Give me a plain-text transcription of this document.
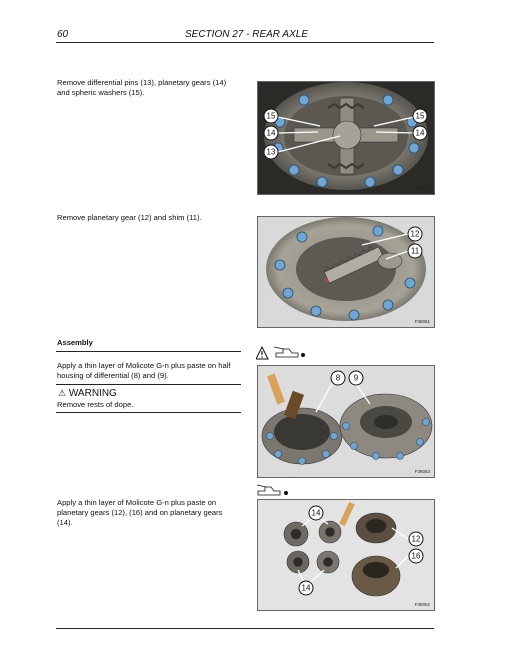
60	SECTION 27 - REAR AXLE
Remove differential pins (13), planetary gears (14)
and spheric washers (15).
15
14
13
15
14
F36060
Remove planetary gear (12) and shim (11).
12
11
F36061
Assembly
Apply a thin layer of Molicote G-n plus paste on half
housing of differential (8) and (9).
⚠ WARNING
Remove rests of dope.
8 9
F36063
Apply a thin layer of Molicote G-n plus paste on
planetary gears (12), (16) and on planetary gears
(14).
14
12
16
14
F36062
